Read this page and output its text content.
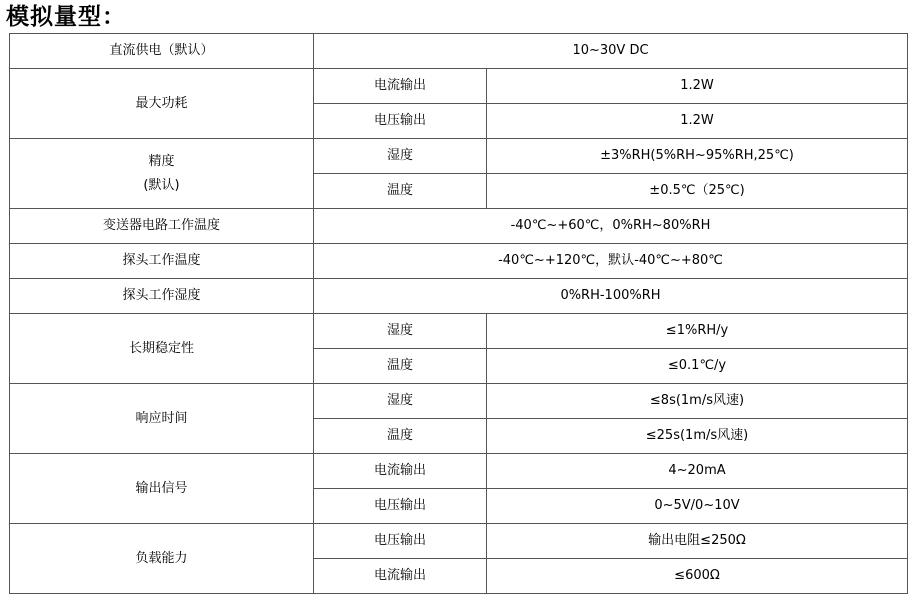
模拟量型：
直流供电（默认）	10~30V DC	
最大功耗	电流输出	1.2W
	电压输出	1.2W
精度
(默认)	湿度	±3%RH(5%RH~95%RH,25℃)
	温度	±0.5℃（25℃)
变送器电路工作温度	-40℃~+60℃，0%RH~80%RH	
探头工作温度	-40℃~+120℃，默认-40℃~+80℃	
探头工作湿度	0%RH-100%RH	
长期稳定性	湿度	≤1%RH/y
	温度	≤0.1℃/y
响应时间	湿度	≤8s(1m/s风速)
	温度	≤25s(1m/s风速)
输出信号	电流输出	4~20mA
	电压输出	0~5V/0~10V
负载能力	电压输出	输出电阻≤250Ω
	电流输出	≤600Ω
